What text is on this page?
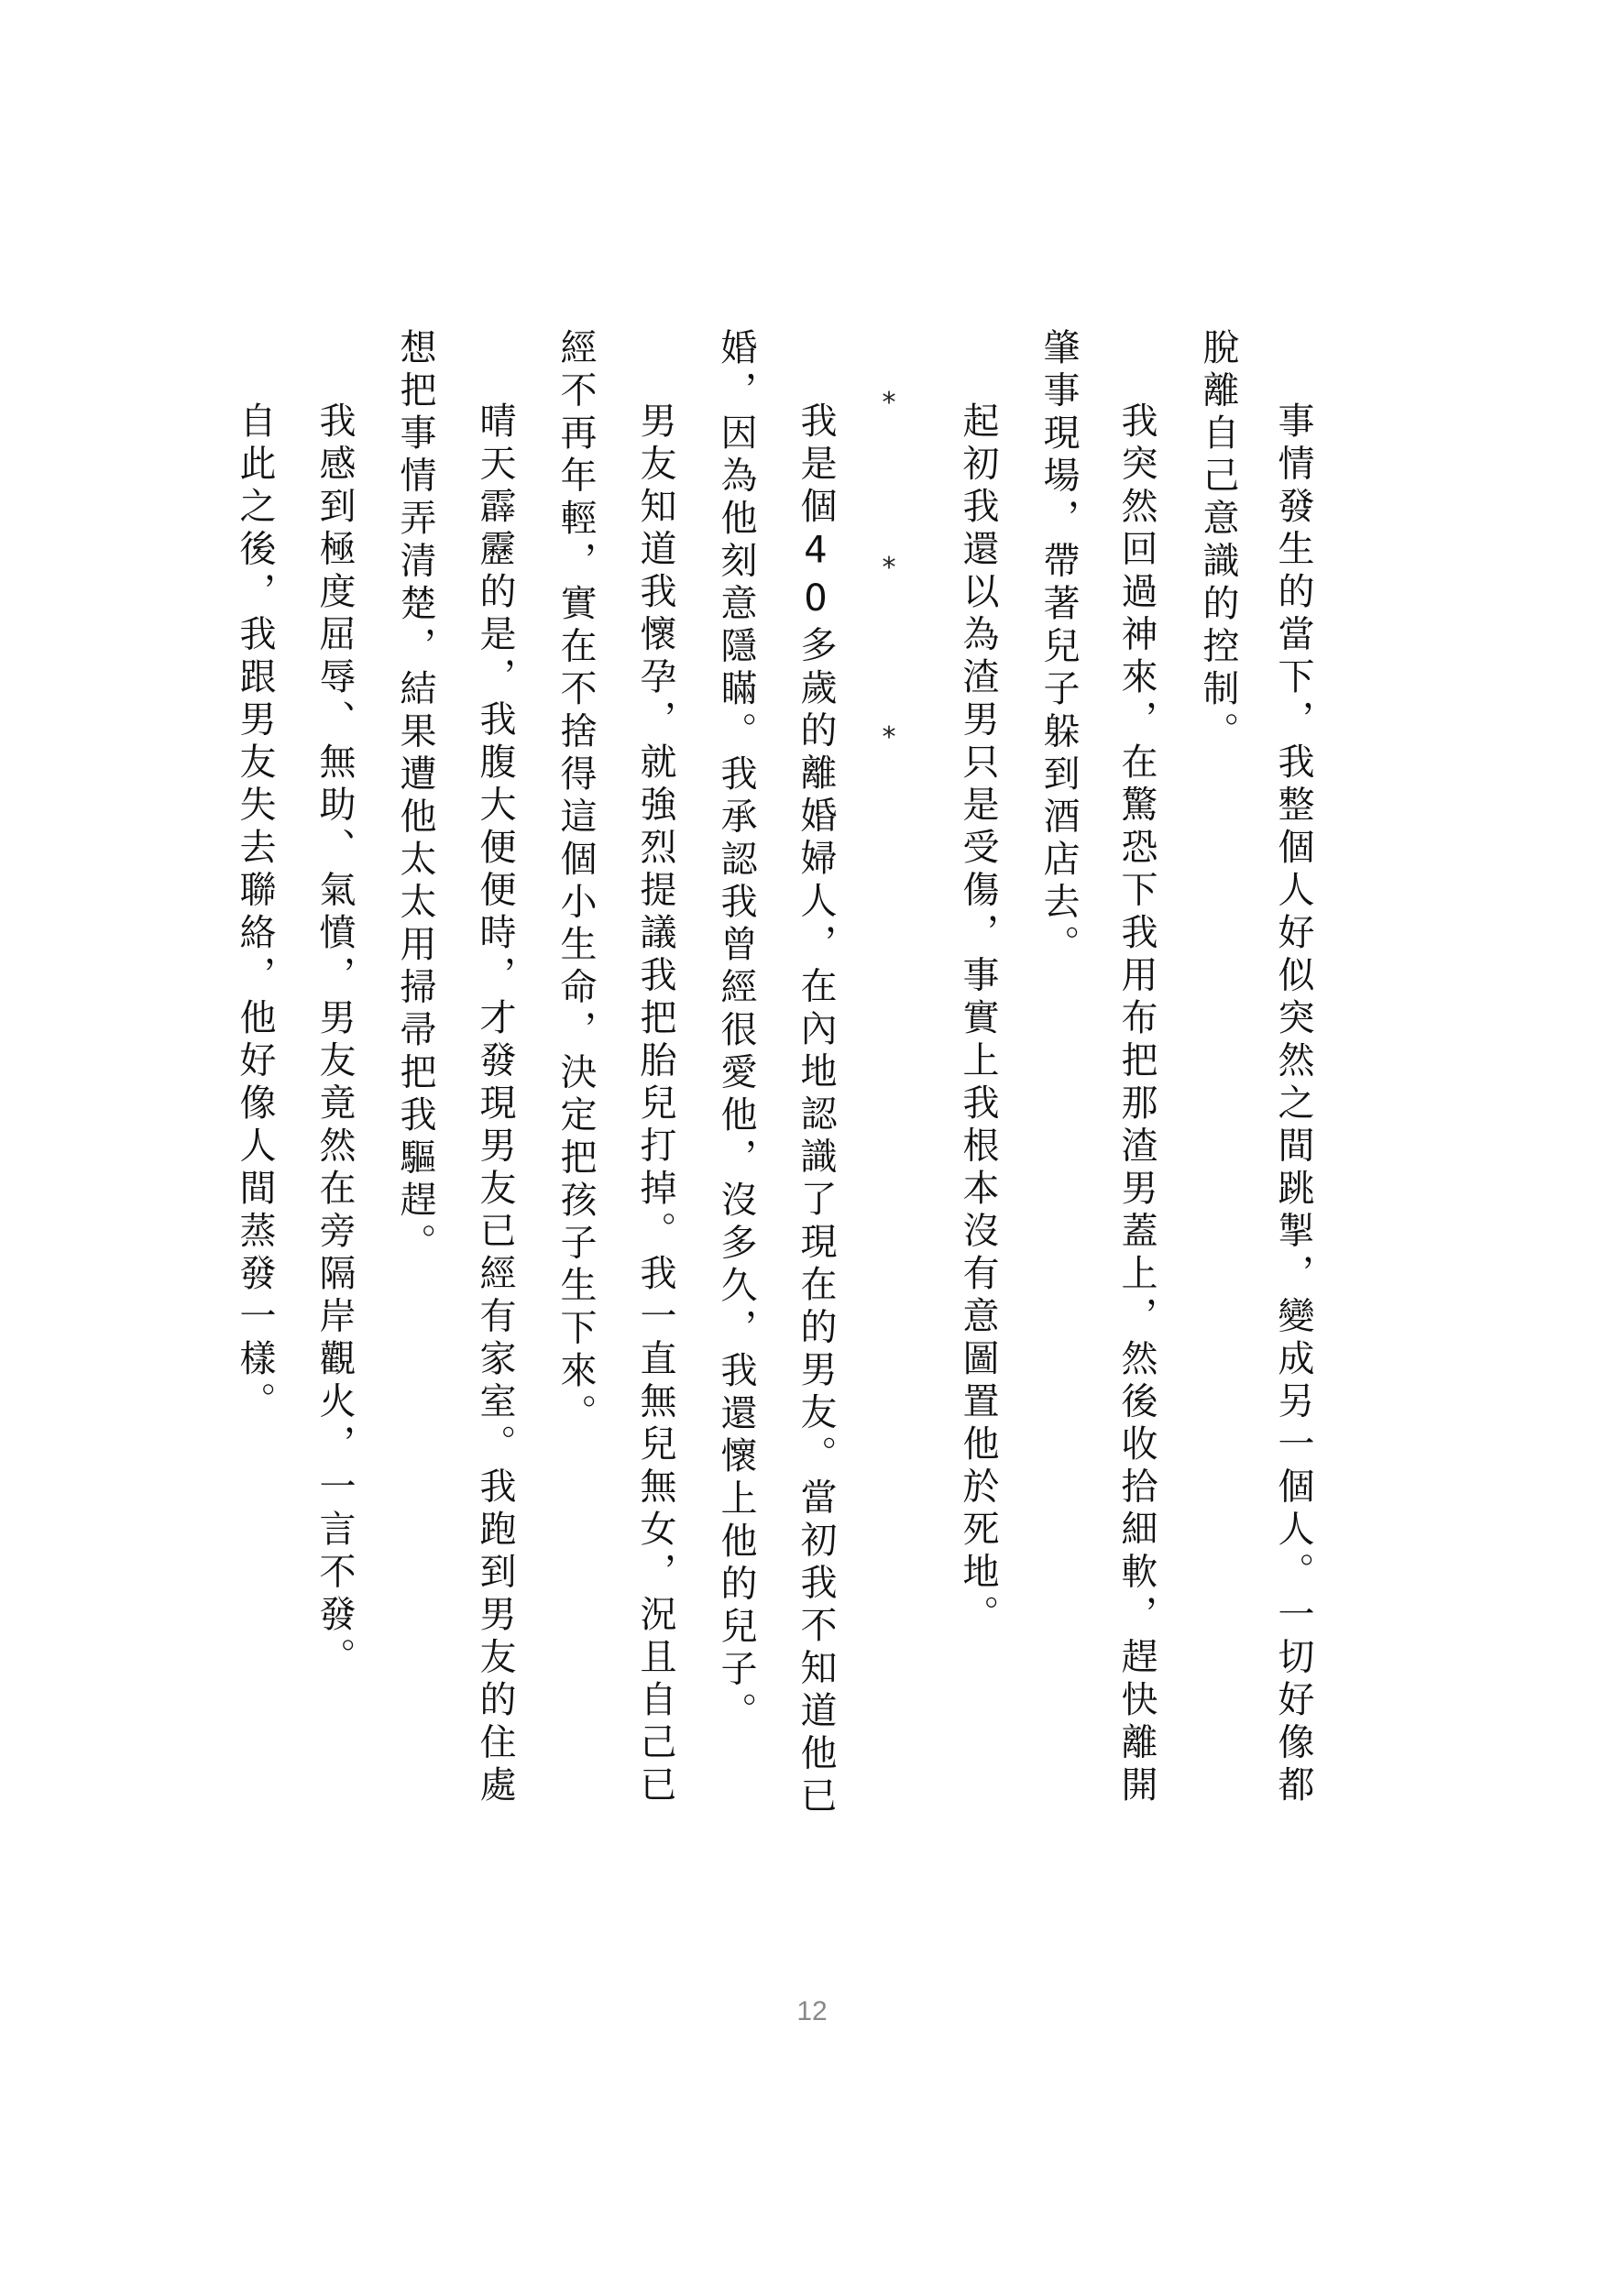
事情發生的當下，我整個人好似突然之間跳掣，變成另一個人。一切好像都
脫離自己意識的控制。
我突然回過神來，在驚恐下我用布把那渣男蓋上，然後收拾細軟，趕快離開
肇事現場，帶著兒子躲到酒店去。
起初我還以為渣男只是受傷，事實上我根本沒有意圖置他於死地。
*
*
*
我是個40多歲的離婚婦人，在內地認識了現在的男友。當初我不知道他已
婚，因為他刻意隱瞞。我承認我曾經很愛他，沒多久，我還懷上他的兒子。
男友知道我懷孕，就強烈提議我把胎兒打掉。我一直無兒無女，況且自己已
經不再年輕，實在不捨得這個小生命，決定把孩子生下來。
晴天霹靂的是，我腹大便便時，才發現男友已經有家室。我跑到男友的住處
想把事情弄清楚，結果遭他太太用掃帚把我驅趕。
我感到極度屈辱、無助、氣憤，男友竟然在旁隔岸觀火，一言不發。
自此之後，我跟男友失去聯絡，他好像人間蒸發一樣。
12
